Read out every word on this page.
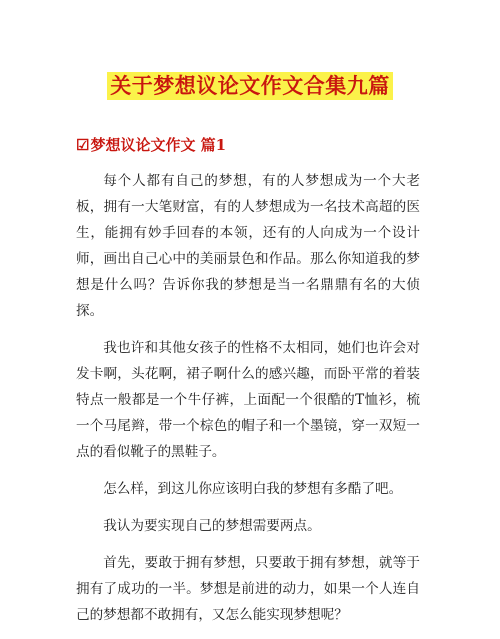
关于梦想议论文作文合集九篇
☑梦想议论文作文 篇1

每个人都有自己的梦想，有的人梦想成为一个大老板，拥有一大笔财富，有的人梦想成为一名技术高超的医生，能拥有妙手回春的本领，还有的人向成为一个设计师，画出自己心中的美丽景色和作品。那么你知道我的梦想是什么吗？告诉你我的梦想是当一名鼎鼎有名的大侦探。

我也许和其他女孩子的性格不太相同，她们也许会对发卡啊，头花啊，裙子啊什么的感兴趣，而卧平常的着装特点一般都是一个牛仔裤，上面配一个很酷的T恤衫，梳一个马尾辫，带一个棕色的帽子和一个墨镜，穿一双短一点的看似靴子的黑鞋子。

怎么样，到这儿你应该明白我的梦想有多酷了吧。

我认为要实现自己的梦想需要两点。

首先，要敢于拥有梦想，只要敢于拥有梦想，就等于拥有了成功的一半。梦想是前进的动力，如果一个人连自己的梦想都不敢拥有，又怎么能实现梦想呢？
